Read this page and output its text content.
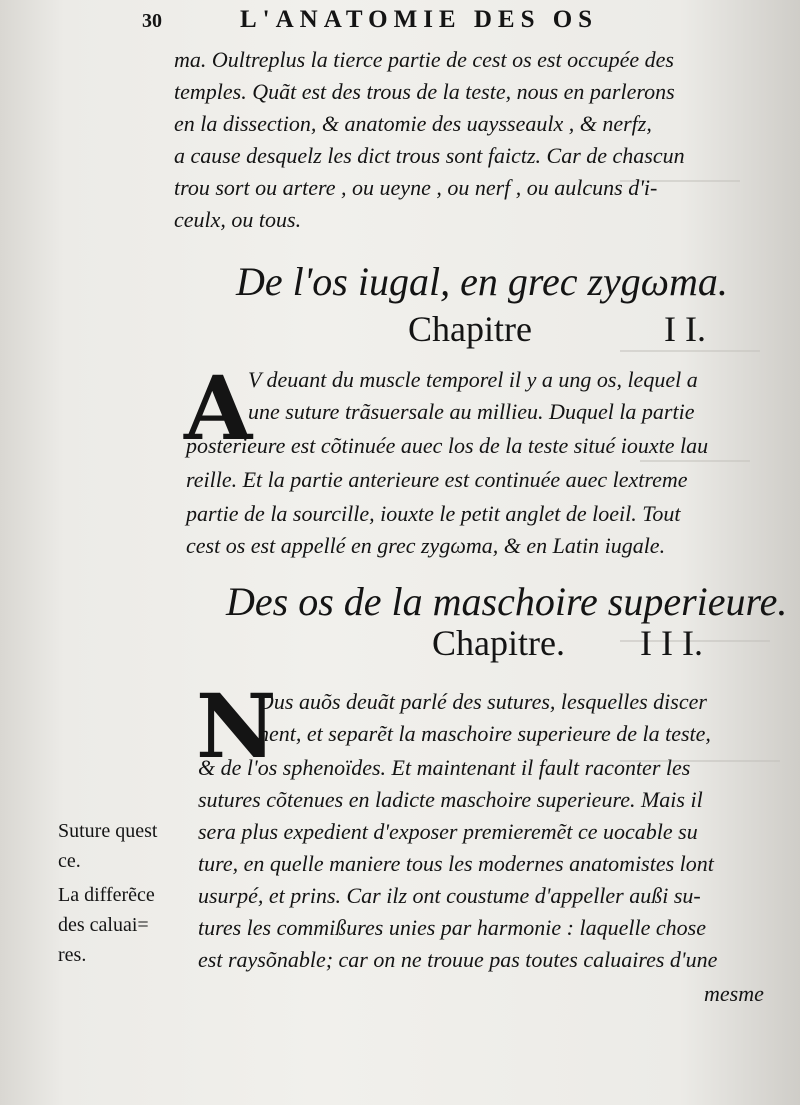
30	L'ANATOMIE DES OS
ma. Oultreplus la tierce partie de cest os est occupée des
temples. Quãt est des trous de la teste, nous en parlerons
en la dissection, & anatomie des uaysseaulx , & nerfz,
a cause desquelz les dict trous sont faictz. Car de chascun
trou sort ou artere , ou ueyne , ou nerf , ou aulcuns d'i-
ceulx, ou tous.
De l'os iugal, en grec zygωma.
Chapitre	I I.
A
V deuant du muscle temporel il y a ung os, lequel a
une suture trãsuersale au millieu. Duquel la partie
posterieure est cõtinuée auec los de la teste situé iouxte lau
reille. Et la partie anterieure est continuée auec lextreme
partie de la sourcille, iouxte le petit anglet de loeil. Tout
cest os est appellé en grec zygωma, & en Latin iugale.
Des os de la maschoire superieure.
Chapitre. I I I.
N
Ous auõs deuãt parlé des sutures, lesquelles discer
nent, et separẽt la maschoire superieure de la teste,
& de l'os sphenoïdes. Et maintenant il fault raconter les
sutures cõtenues en ladicte maschoire superieure. Mais il
sera plus expedient d'exposer premieremẽt ce uocable su
ture, en quelle maniere tous les modernes anatomistes lont
usurpé, et prins. Car ilz ont coustume d'appeller außi su-
tures les commißures unies par harmonie : laquelle chose
est raysõnable; car on ne trouue pas toutes caluaires d'une
mesme
Suture quest
ce.
La differẽce
des caluai=
res.
